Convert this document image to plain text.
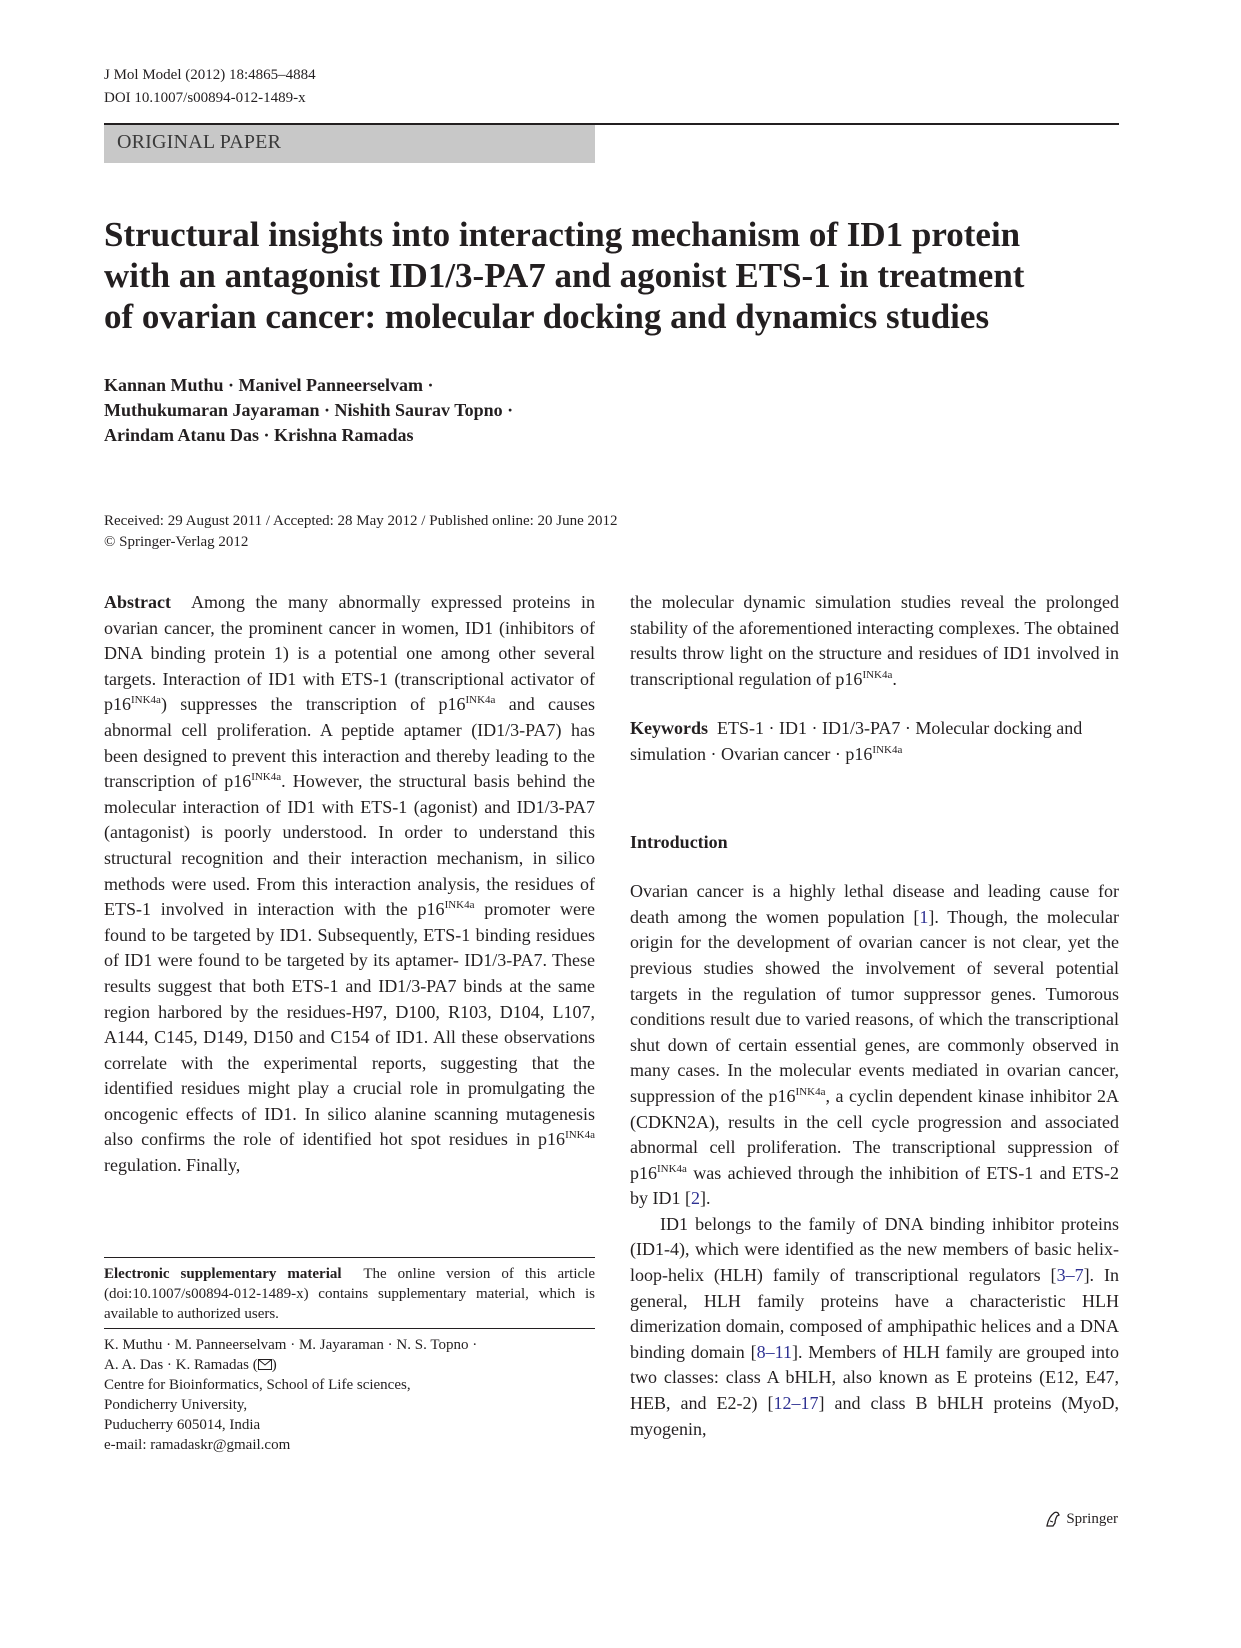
J Mol Model (2012) 18:4865–4884
DOI 10.1007/s00894-012-1489-x
ORIGINAL PAPER
Structural insights into interacting mechanism of ID1 protein
with an antagonist ID1/3-PA7 and agonist ETS-1 in treatment
of ovarian cancer: molecular docking and dynamics studies
Kannan Muthu · Manivel Panneerselvam ·
Muthukumaran Jayaraman · Nishith Saurav Topno ·
Arindam Atanu Das · Krishna Ramadas
Received: 29 August 2011 / Accepted: 28 May 2012 / Published online: 20 June 2012
© Springer-Verlag 2012

Abstract Among the many abnormally expressed proteins in ovarian cancer, the prominent cancer in women, ID1 (inhibitors of DNA binding protein 1) is a potential one among other several targets. Interaction of ID1 with ETS-1 (transcriptional activator of $p16^{INK4a}$) suppresses the transcription of $p16^{INK4a}$ and causes abnormal cell proliferation. A peptide aptamer (ID1/3-PA7) has been designed to prevent this interaction and thereby leading to the transcription of $p16^{INK4a}$. However, the structural basis behind the molecular interaction of ID1 with ETS-1 (agonist) and ID1/3-PA7 (antagonist) is poorly understood. In order to understand this structural recognition and their interaction mechanism, in silico methods were used. From this interaction analysis, the residues of ETS-1 involved in interaction with the $p16^{INK4a}$ promoter were found to be targeted by ID1. Subsequently, ETS-1 binding residues of ID1 were found to be targeted by its aptamer- ID1/3-PA7. These results suggest that both ETS-1 and ID1/3-PA7 binds at the same region harbored by the residues-H97, D100, R103, D104, L107, A144, C145, D149, D150 and C154 of ID1. All these observations correlate with the experimental reports, suggesting that the identified residues might play a crucial role in promulgating the oncogenic effects of ID1. In silico alanine scanning mutagenesis also confirms the role of identified hot spot residues in $p16^{INK4a}$ regulation. Finally,

Electronic supplementary material The online version of this article (doi:10.1007/s00894-012-1489-x) contains supplementary material, which is available to authorized users.
K. Muthu · M. Panneerselvam · M. Jayaraman · N. S. Topno ·
A. A. Das · K. Ramadas ( )
Centre for Bioinformatics, School of Life sciences,
Pondicherry University,
Puducherry 605014, India
e-mail: ramadaskr@gmail.com

the molecular dynamic simulation studies reveal the prolonged stability of the aforementioned interacting complexes. The obtained results throw light on the structure and residues of ID1 involved in transcriptional regulation of $p16^{INK4a}$.

Keywords ETS-1 · ID1 · ID1/3-PA7 · Molecular docking and simulation · Ovarian cancer · $p16^{INK4a}$

Introduction

Ovarian cancer is a highly lethal disease and leading cause for death among the women population [1]. Though, the molecular origin for the development of ovarian cancer is not clear, yet the previous studies showed the involvement of several potential targets in the regulation of tumor suppressor genes. Tumorous conditions result due to varied reasons, of which the transcriptional shut down of certain essential genes, are commonly observed in many cases. In the molecular events mediated in ovarian cancer, suppression of the $p16^{INK4a}$, a cyclin dependent kinase inhibitor 2A (CDKN2A), results in the cell cycle progression and associated abnormal cell proliferation. The transcriptional suppression of $p16^{INK4a}$ was achieved through the inhibition of ETS-1 and ETS-2 by ID1 [2].

ID1 belongs to the family of DNA binding inhibitor proteins (ID1-4), which were identified as the new members of basic helix-loop-helix (HLH) family of transcriptional regulators [3–7]. In general, HLH family proteins have a characteristic HLH dimerization domain, composed of amphipathic helices and a DNA binding domain [8–11]. Members of HLH family are grouped into two classes: class A bHLH, also known as E proteins (E12, E47, HEB, and E2-2) [12–17] and class B bHLH proteins (MyoD, myogenin,

Springer
